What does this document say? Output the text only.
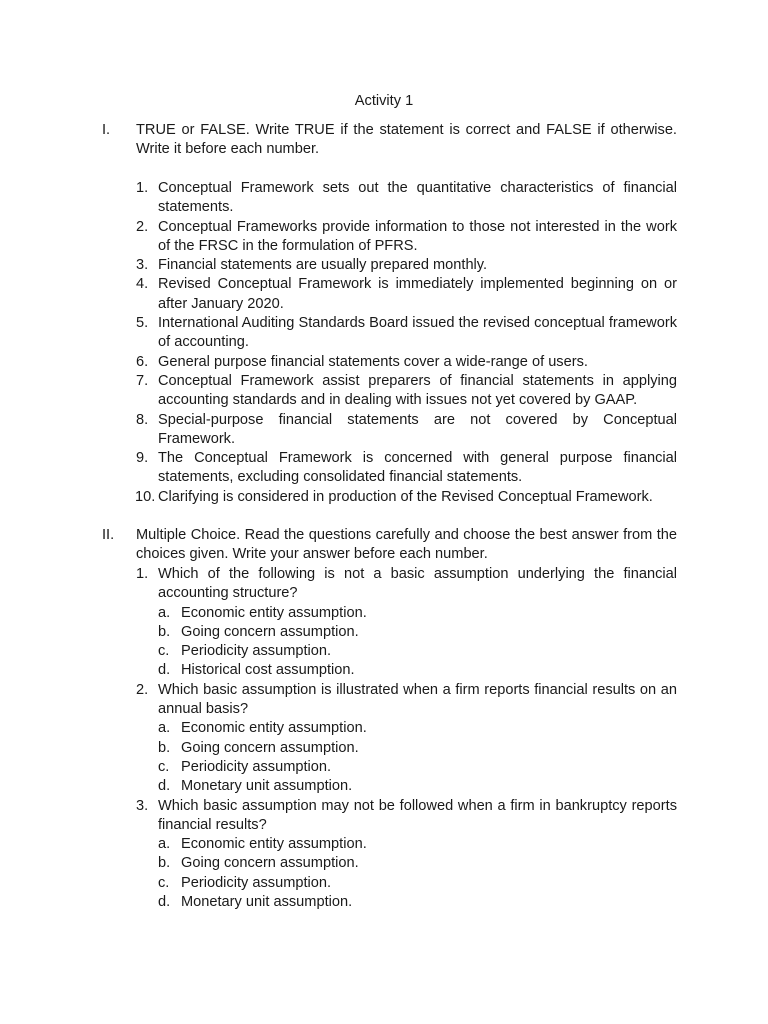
Activity 1
I. TRUE or FALSE. Write TRUE if the statement is correct and FALSE if otherwise. Write it before each number.
1. Conceptual Framework sets out the quantitative characteristics of financial statements.
2. Conceptual Frameworks provide information to those not interested in the work of the FRSC in the formulation of PFRS.
3. Financial statements are usually prepared monthly.
4. Revised Conceptual Framework is immediately implemented beginning on or after January 2020.
5. International Auditing Standards Board issued the revised conceptual framework of accounting.
6. General purpose financial statements cover a wide-range of users.
7. Conceptual Framework assist preparers of financial statements in applying accounting standards and in dealing with issues not yet covered by GAAP.
8. Special-purpose financial statements are not covered by Conceptual Framework.
9. The Conceptual Framework is concerned with general purpose financial statements, excluding consolidated financial statements.
10. Clarifying is considered in production of the Revised Conceptual Framework.
II. Multiple Choice. Read the questions carefully and choose the best answer from the choices given. Write your answer before each number.
1. Which of the following is not a basic assumption underlying the financial accounting structure?
a. Economic entity assumption.
b. Going concern assumption.
c. Periodicity assumption.
d. Historical cost assumption.
2. Which basic assumption is illustrated when a firm reports financial results on an annual basis?
a. Economic entity assumption.
b. Going concern assumption.
c. Periodicity assumption.
d. Monetary unit assumption.
3. Which basic assumption may not be followed when a firm in bankruptcy reports financial results?
a. Economic entity assumption.
b. Going concern assumption.
c. Periodicity assumption.
d. Monetary unit assumption.
